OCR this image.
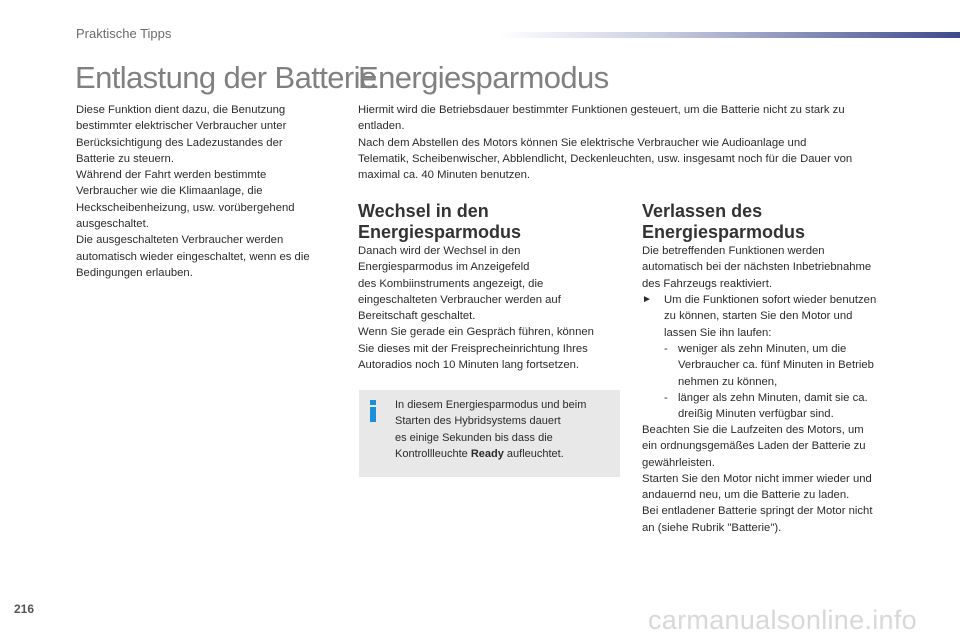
Praktische Tipps
Entlastung der Batterie
Diese Funktion dient dazu, die Benutzung
bestimmter elektrischer Verbraucher unter
Berücksichtigung des Ladezustandes der
Batterie zu steuern.
Während der Fahrt werden bestimmte
Verbraucher wie die Klimaanlage, die
Heckscheibenheizung, usw. vorübergehend
ausgeschaltet.
Die ausgeschalteten Verbraucher werden
automatisch wieder eingeschaltet, wenn es die
Bedingungen erlauben.
Energiesparmodus
Hiermit wird die Betriebsdauer bestimmter Funktionen gesteuert, um die Batterie nicht zu stark zu
entladen.
Nach dem Abstellen des Motors können Sie elektrische Verbraucher wie Audioanlage und
Telematik, Scheibenwischer, Abblendlicht, Deckenleuchten, usw. insgesamt noch für die Dauer von
maximal ca. 40 Minuten benutzen.
Wechsel in den
Energiesparmodus
Danach wird der Wechsel in den
Energiesparmodus im Anzeigefeld
des Kombiinstruments angezeigt, die
eingeschalteten Verbraucher werden auf
Bereitschaft geschaltet.
Wenn Sie gerade ein Gespräch führen, können
Sie dieses mit der Freisprecheinrichtung Ihres
Autoradios noch 10 Minuten lang fortsetzen.
In diesem Energiesparmodus und beim
Starten des Hybridsystems dauert
es einige Sekunden bis dass die
Kontrollleuchte Ready aufleuchtet.
Verlassen des
Energiesparmodus
Die betreffenden Funktionen werden
automatisch bei der nächsten Inbetriebnahme
des Fahrzeugs reaktiviert.
► Um die Funktionen sofort wieder benutzen
zu können, starten Sie den Motor und
lassen Sie ihn laufen:
- weniger als zehn Minuten, um die
Verbraucher ca. fünf Minuten in Betrieb
nehmen zu können,
- länger als zehn Minuten, damit sie ca.
dreißig Minuten verfügbar sind.
Beachten Sie die Laufzeiten des Motors, um
ein ordnungsgemäßes Laden der Batterie zu
gewährleisten.
Starten Sie den Motor nicht immer wieder und
andauernd neu, um die Batterie zu laden.
Bei entladener Batterie springt der Motor nicht
an (siehe Rubrik "Batterie").
216	carmanualsonline.info
